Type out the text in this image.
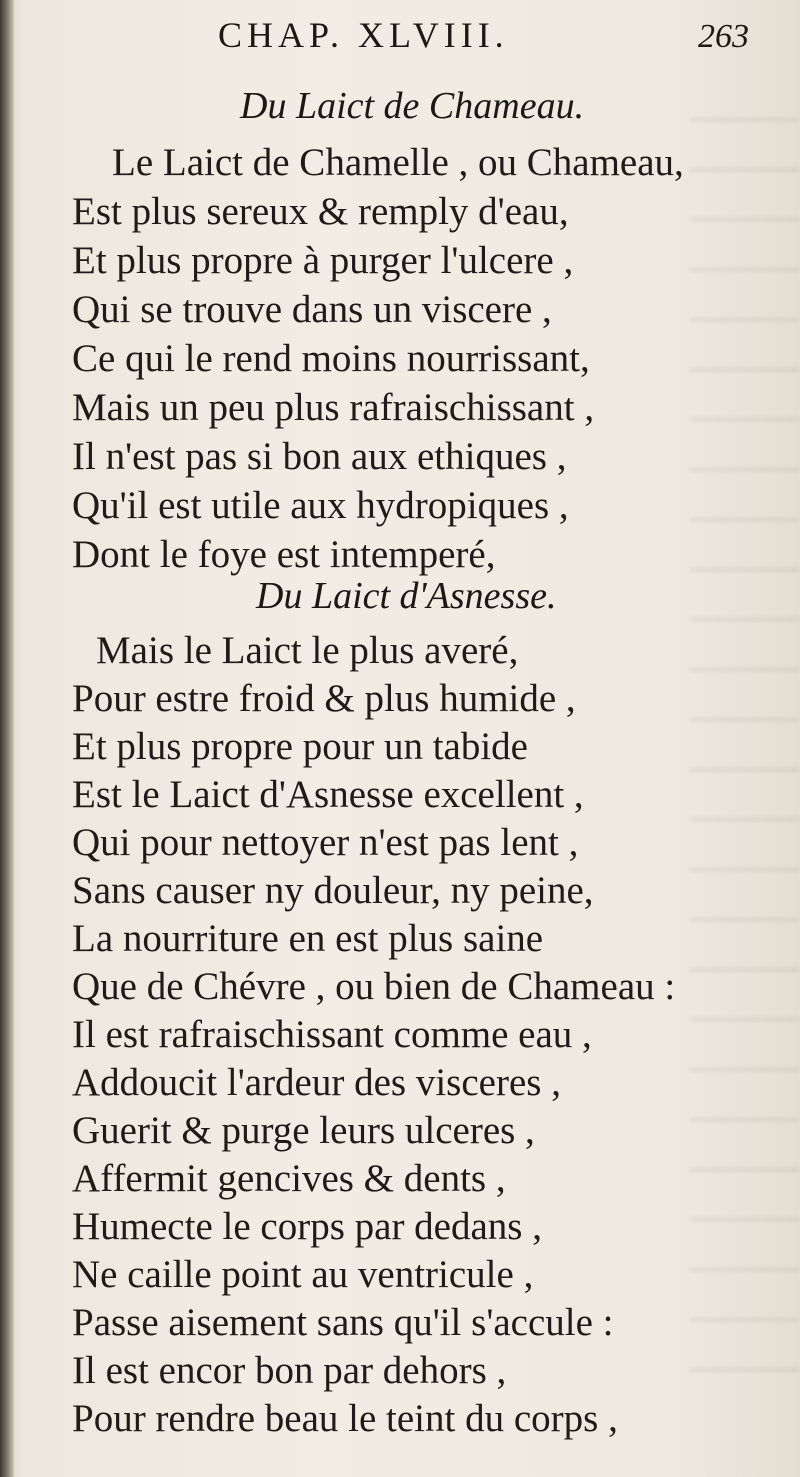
CHAP. XLVIII.	263
Du Laict de Chameau.
Le Laict de Chamelle , ou Chameau,
Est plus sereux & remply d'eau,
Et plus propre à purger l'ulcere ,
Qui se trouve dans un viscere ,
Ce qui le rend moins nourrissant,
Mais un peu plus rafraischissant ,
Il n'est pas si bon aux ethiques ,
Qu'il est utile aux hydropiques ,
Dont le foye est intemperé,
Du Laict d'Asnesse.
Mais le Laict le plus averé,
Pour estre froid & plus humide ,
Et plus propre pour un tabide
Est le Laict d'Asnesse excellent ,
Qui pour nettoyer n'est pas lent ,
Sans causer ny douleur, ny peine,
La nourriture en est plus saine
Que de Chévre , ou bien de Chameau :
Il est rafraischissant comme eau ,
Addoucit l'ardeur des visceres ,
Guerit & purge leurs ulceres ,
Affermit gencives & dents ,
Humecte le corps par dedans ,
Ne caille point au ventricule ,
Passe aisement sans qu'il s'accule :
Il est encor bon par dehors ,
Pour rendre beau le teint du corps ,
